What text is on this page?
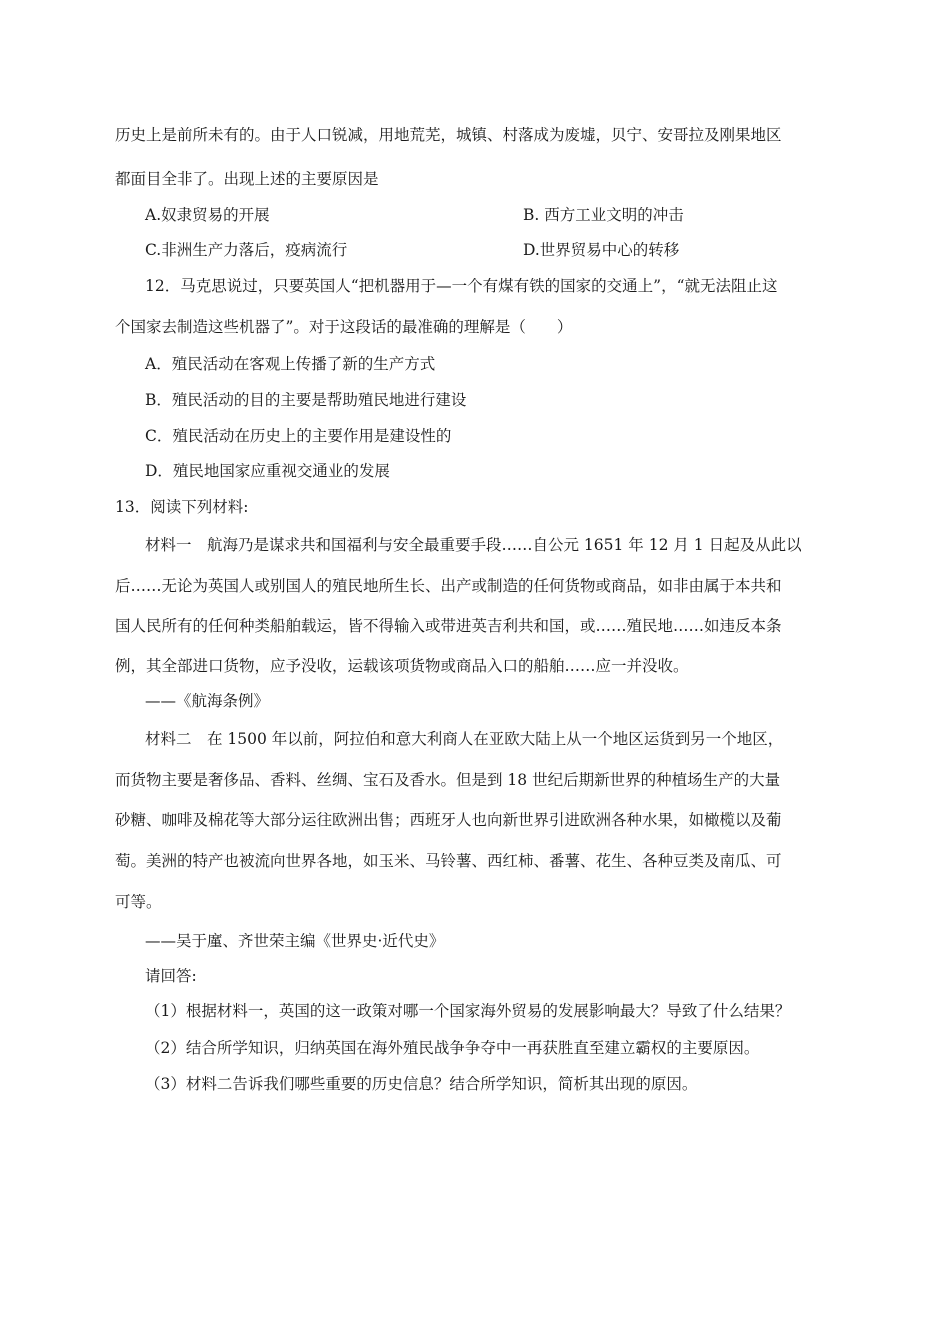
历史上是前所未有的。由于人口锐减，用地荒芜，城镇、村落成为废墟，贝宁、安哥拉及刚果地区
都面目全非了。出现上述的主要原因是
A.奴隶贸易的开展	B. 西方工业文明的冲击
C.非洲生产力落后，疫病流行	D.世界贸易中心的转移
12．马克思说过，只要英国人“把机器用于—一个有煤有铁的国家的交通上”，“就无法阻止这
个国家去制造这些机器了”。对于这段话的最准确的理解是（　　）
A．殖民活动在客观上传播了新的生产方式
B．殖民活动的目的主要是帮助殖民地进行建设
C．殖民活动在历史上的主要作用是建设性的
D．殖民地国家应重视交通业的发展
13．阅读下列材料:
材料一　航海乃是谋求共和国福利与安全最重要手段……自公元 1651 年 12 月 1 日起及从此以
后……无论为英国人或别国人的殖民地所生长、出产或制造的任何货物或商品，如非由属于本共和
国人民所有的任何种类船舶载运，皆不得输入或带进英吉利共和国，或……殖民地……如违反本条
例，其全部进口货物，应予没收，运载该项货物或商品入口的船舶……应一并没收。
——《航海条例》
材料二　在 1500 年以前，阿拉伯和意大利商人在亚欧大陆上从一个地区运货到另一个地区，
而货物主要是奢侈品、香料、丝绸、宝石及香水。但是到 18 世纪后期新世界的种植场生产的大量
砂糖、咖啡及棉花等大部分运往欧洲出售；西班牙人也向新世界引进欧洲各种水果，如橄榄以及葡
萄。美洲的特产也被流向世界各地，如玉米、马铃薯、西红柿、番薯、花生、各种豆类及南瓜、可
可等。
——吴于廑、齐世荣主编《世界史·近代史》
请回答:
（1）根据材料一，英国的这一政策对哪一个国家海外贸易的发展影响最大？导致了什么结果？
（2）结合所学知识，归纳英国在海外殖民战争争夺中一再获胜直至建立霸权的主要原因。
（3）材料二告诉我们哪些重要的历史信息？结合所学知识，简析其出现的原因。
